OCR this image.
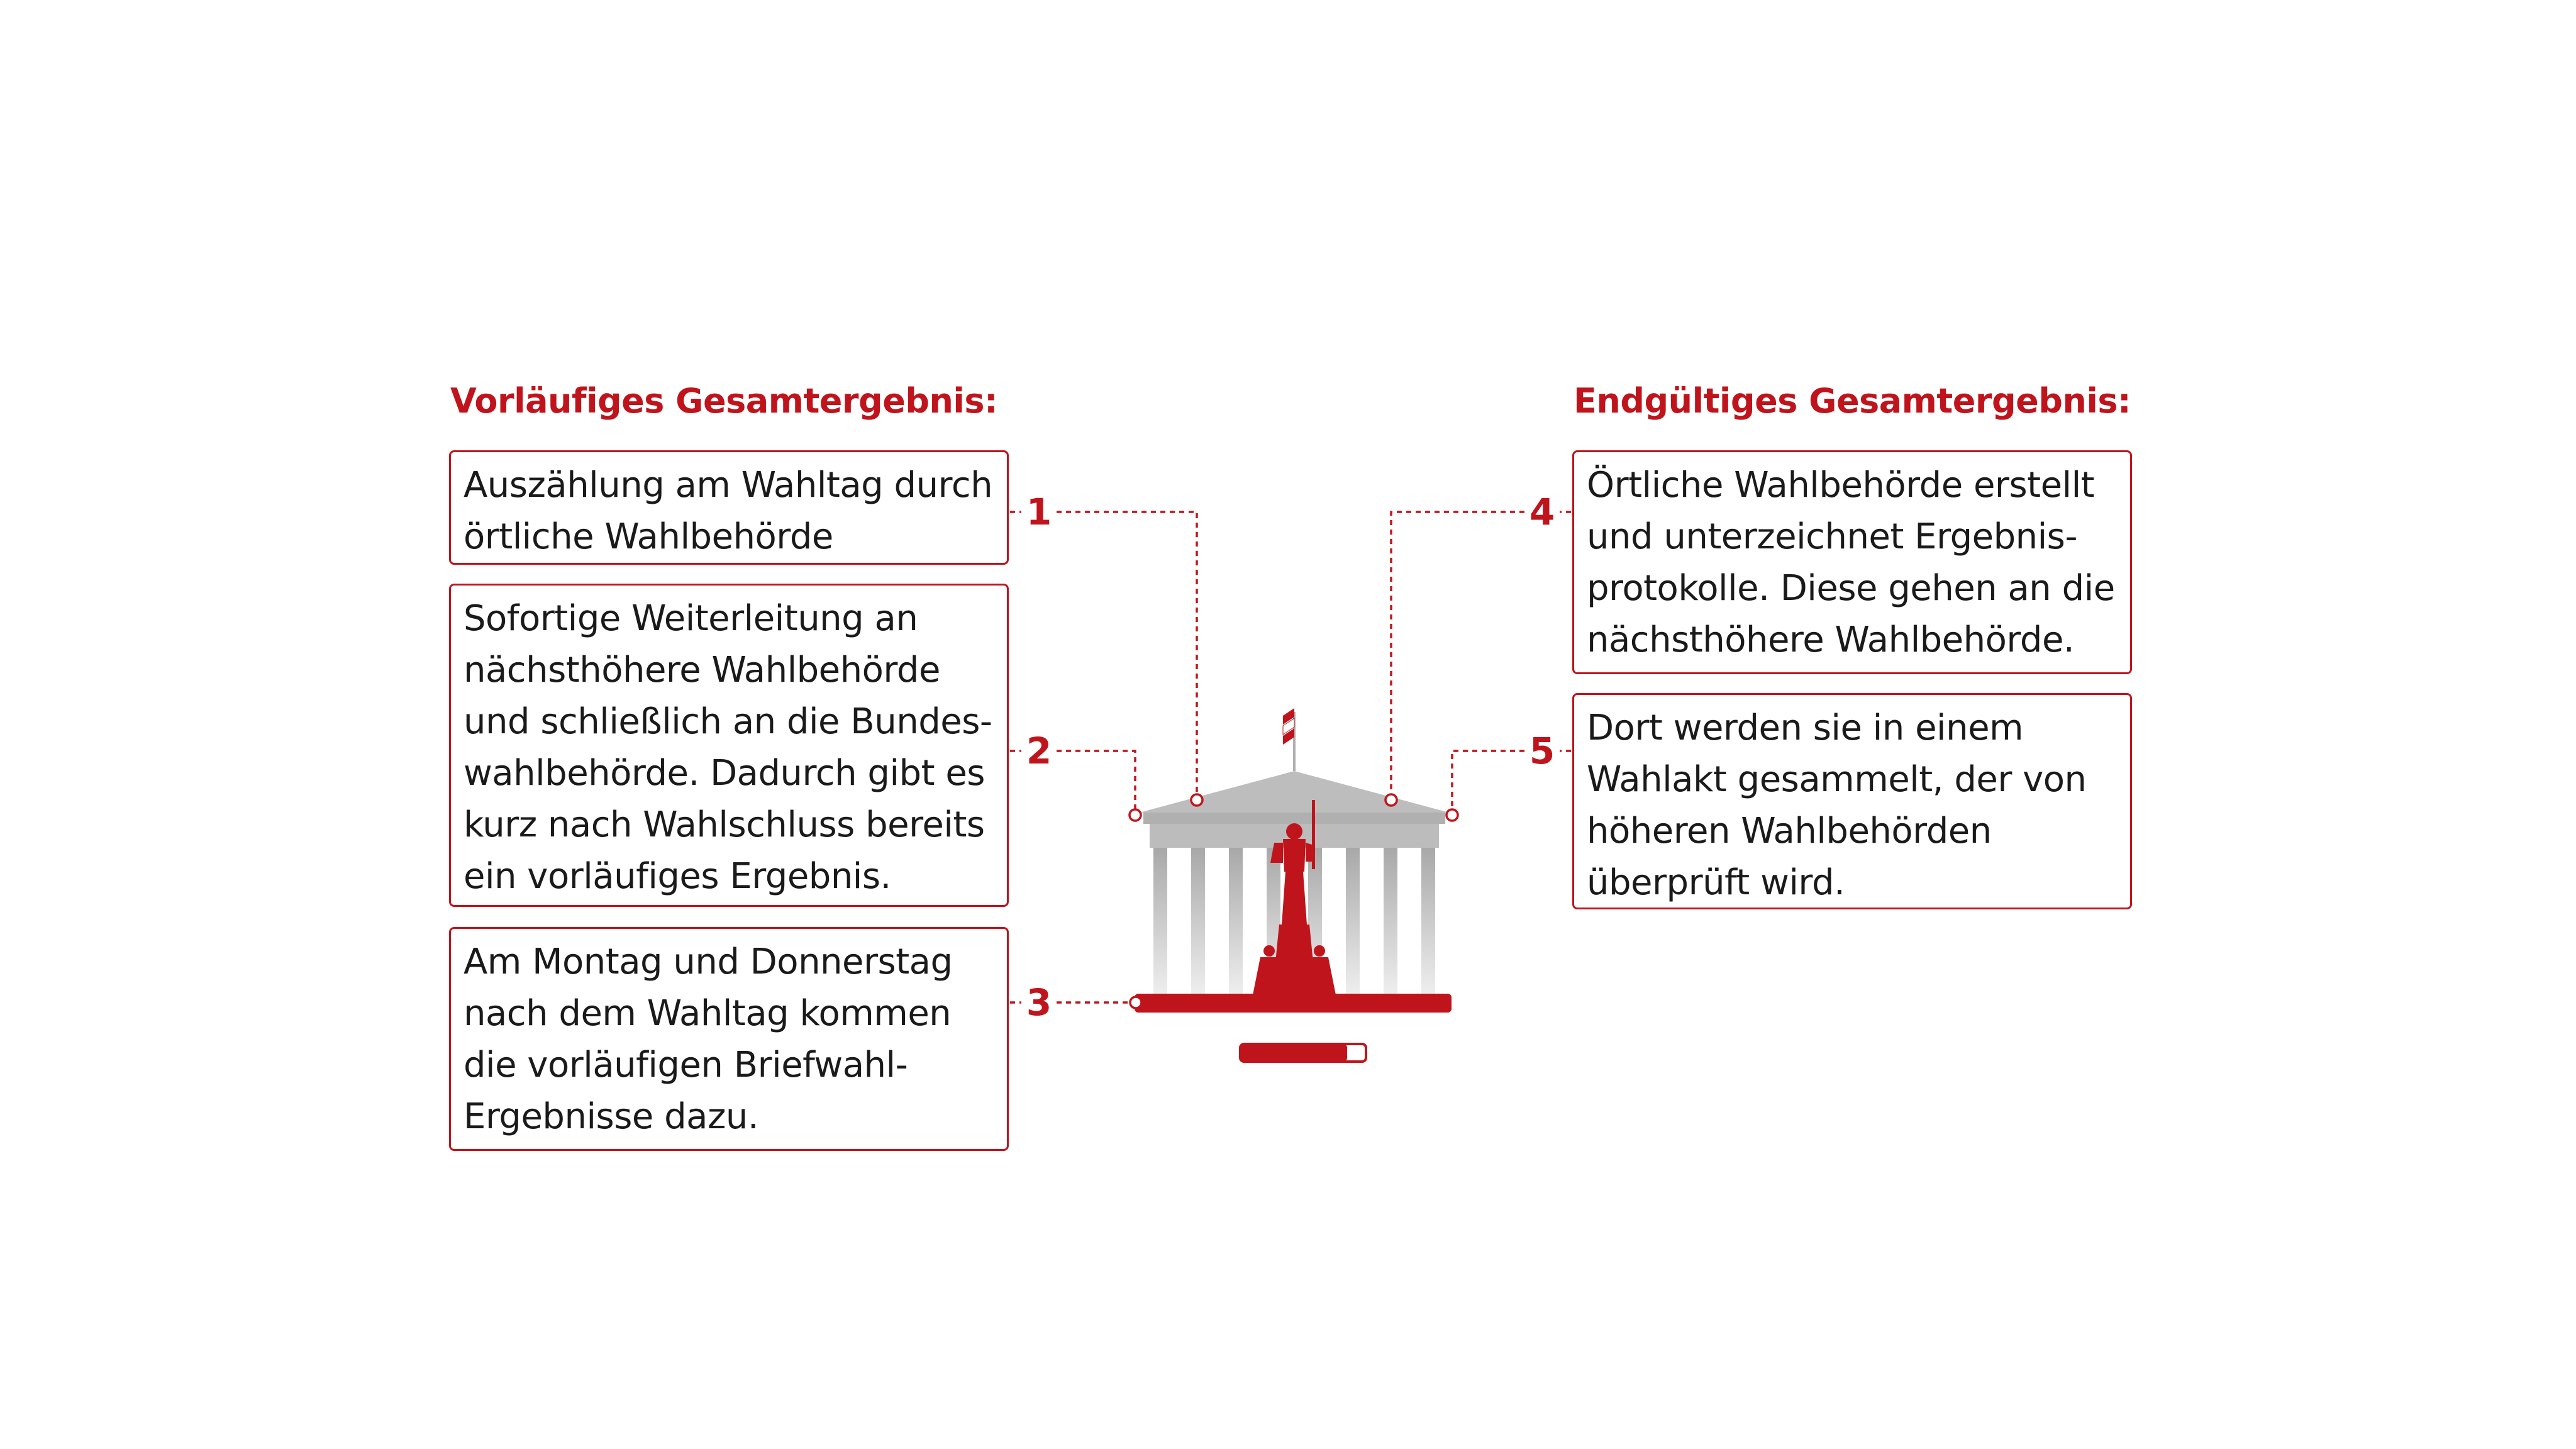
Vorläufiges Gesamtergebnis:	Endgültiges Gesamtergebnis:

Auszählung am Wahltag durch

örtliche Wahlbehörde

Sofortige Weiterleitung an

nächsthöhere Wahlbehörde

und schließlich an die Bundes-

wahlbehörde. Dadurch gibt es

kurz nach Wahlschluss bereits

ein vorläufiges Ergebnis.

Am Montag und Donnerstag

nach dem Wahltag kommen

die vorläufigen Briefwahl-

Ergebnisse dazu.

Örtliche Wahlbehörde erstellt

und unterzeichnet Ergebnis-

protokolle. Diese gehen an die

nächsthöhere Wahlbehörde.

Dort werden sie in einem

Wahlakt gesammelt, der von

höheren Wahlbehörden

überprüft wird.

1
2
3
4
5
